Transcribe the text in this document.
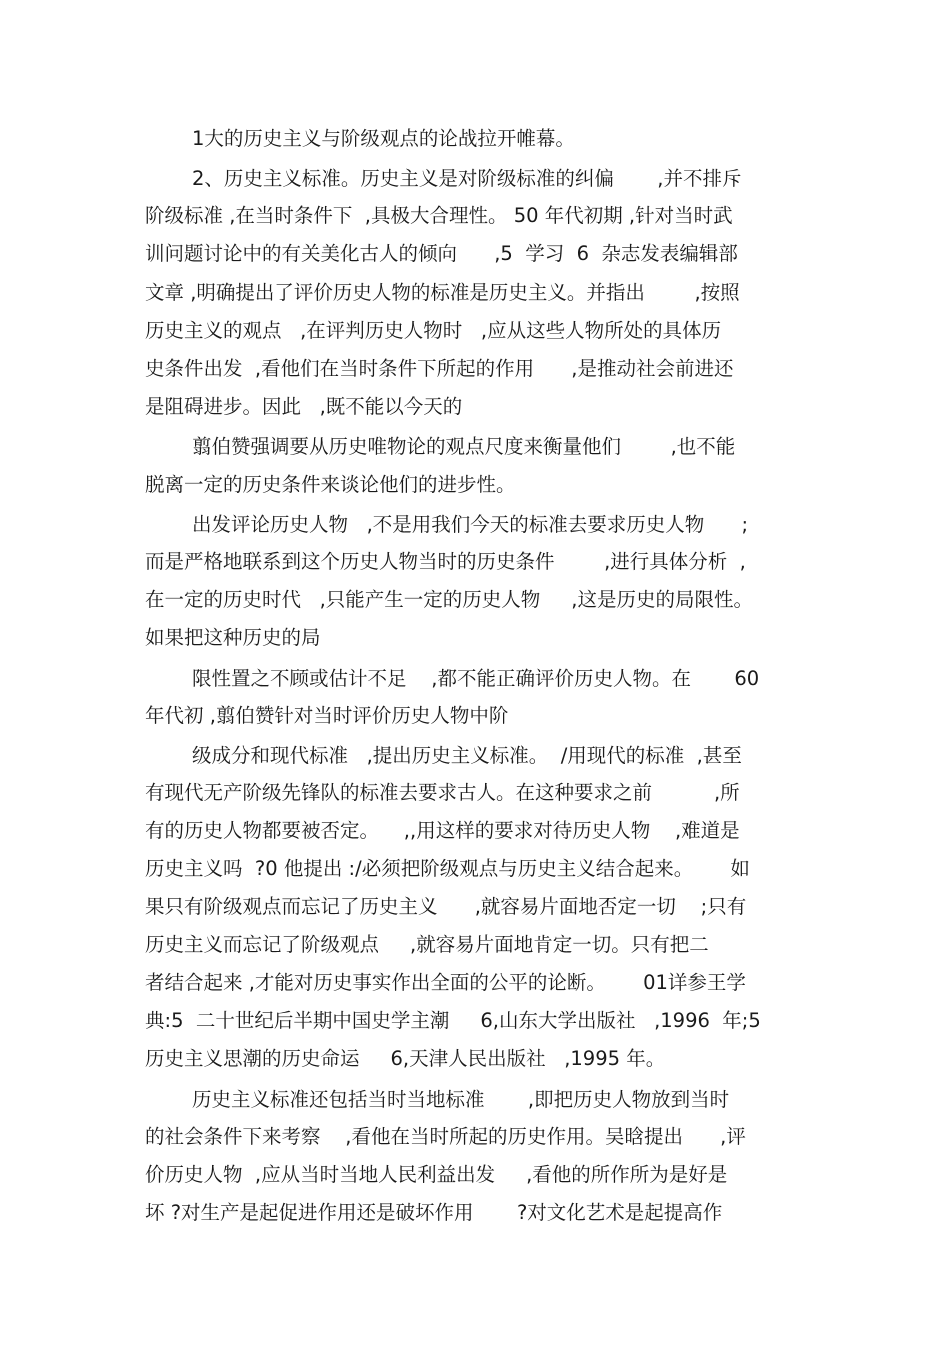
1大的历史主义与阶级观点的论战拉开帷幕。
2、历史主义标准。历史主义是对阶级标准的纠偏       ,并不排斥
阶级标准 ,在当时条件下  ,具极大合理性。 50 年代初期 ,针对当时武
训问题讨论中的有关美化古人的倾向      ,5  学习  6  杂志发表编辑部
文章 ,明确提出了评价历史人物的标准是历史主义。并指出        ,按照
历史主义的观点   ,在评判历史人物时   ,应从这些人物所处的具体历
史条件出发  ,看他们在当时条件下所起的作用      ,是推动社会前进还
是阻碍进步。因此   ,既不能以今天的
翦伯赞强调要从历史唯物论的观点尺度来衡量他们        ,也不能
脱离一定的历史条件来谈论他们的进步性。
出发评论历史人物   ,不是用我们今天的标准去要求历史人物      ;
而是严格地联系到这个历史人物当时的历史条件        ,进行具体分析  ,
在一定的历史时代   ,只能产生一定的历史人物     ,这是历史的局限性。
如果把这种历史的局
限性置之不顾或估计不足    ,都不能正确评价历史人物。在       60
年代初 ,翦伯赞针对当时评价历史人物中阶
级成分和现代标准   ,提出历史主义标准。  /用现代的标准  ,甚至
有现代无产阶级先锋队的标准去要求古人。在这种要求之前          ,所
有的历史人物都要被否定。    ,,用这样的要求对待历史人物    ,难道是
历史主义吗  ?0 他提出 :/必须把阶级观点与历史主义结合起来。      如
果只有阶级观点而忘记了历史主义      ,就容易片面地否定一切    ;只有
历史主义而忘记了阶级观点     ,就容易片面地肯定一切。只有把二
者结合起来 ,才能对历史事实作出全面的公平的论断。      01详参王学
典:5  二十世纪后半期中国史学主潮     6,山东大学出版社   ,1996  年;5
历史主义思潮的历史命运     6,天津人民出版社   ,1995 年。
历史主义标准还包括当时当地标准       ,即把历史人物放到当时
的社会条件下来考察    ,看他在当时所起的历史作用。吴晗提出      ,评
价历史人物  ,应从当时当地人民利益出发     ,看他的所作所为是好是
坏 ?对生产是起促进作用还是破坏作用       ?对文化艺术是起提高作
